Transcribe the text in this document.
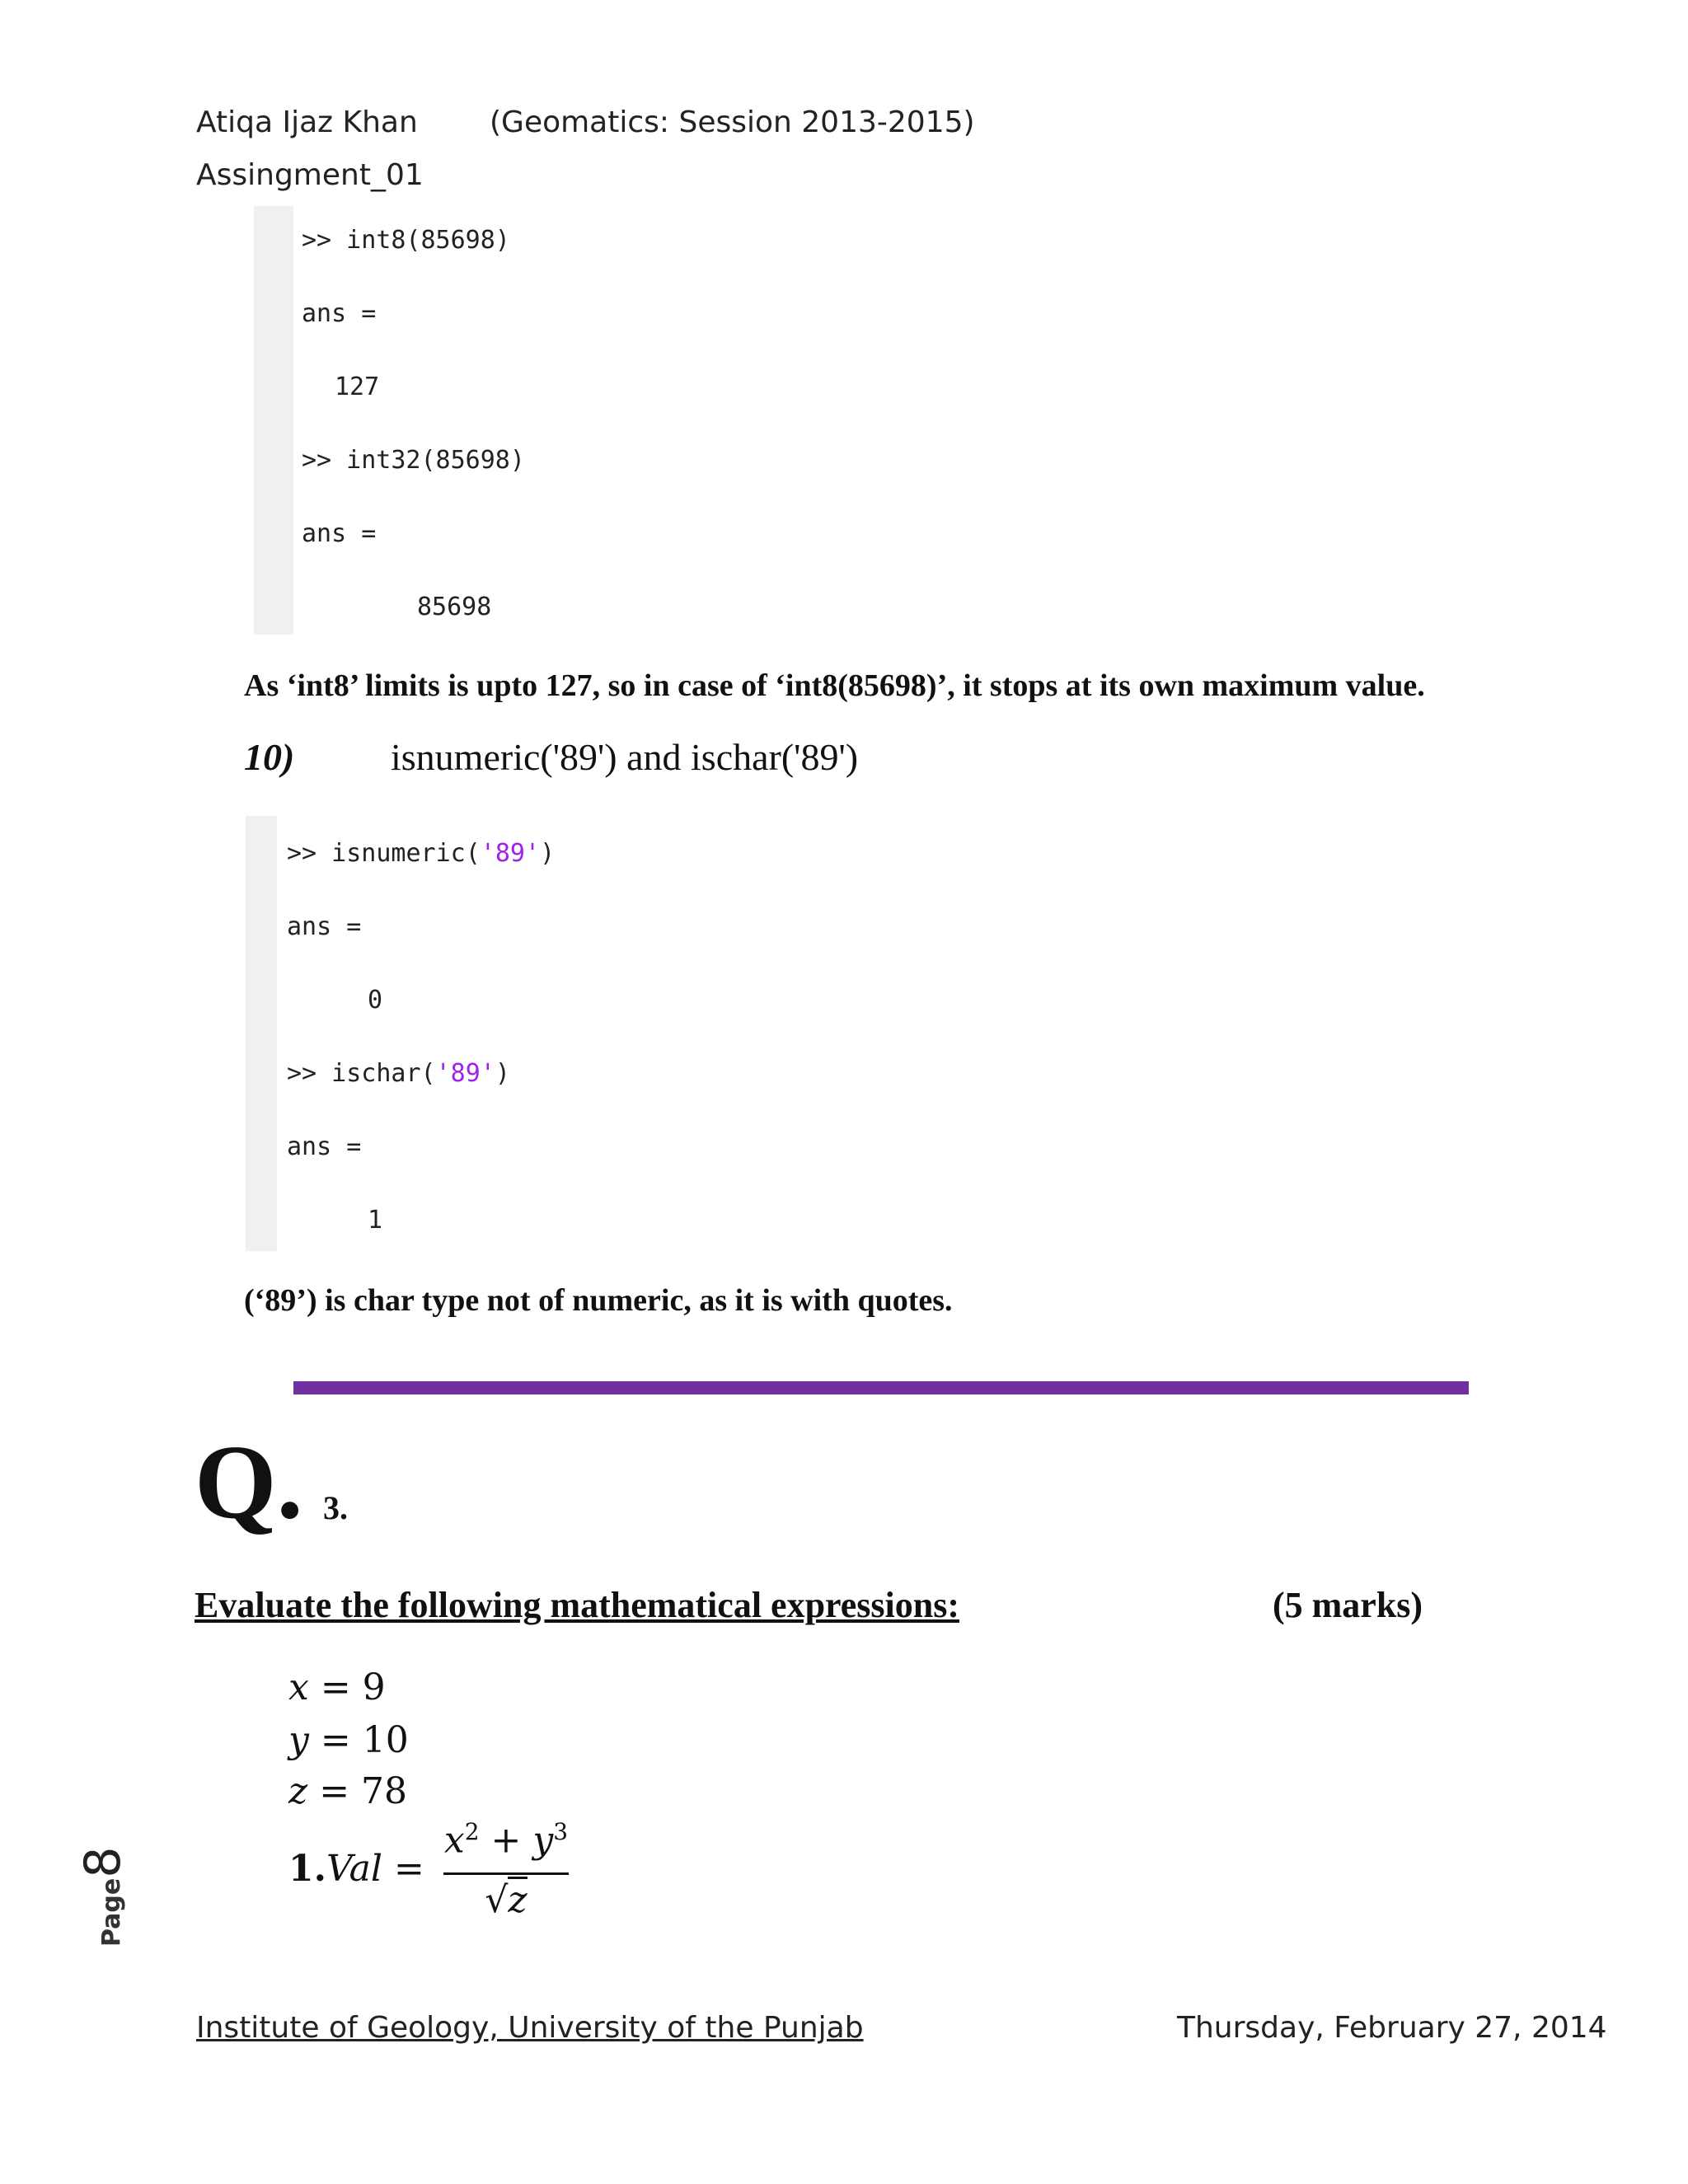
Atiqa Ijaz Khan (Geomatics: Session 2013-2015)
Assingment_01
>> int8(85698)
ans =
127
>> int32(85698)
ans =
85698
As ‘int8’ limits is upto 127, so in case of ‘int8(85698)’, it stops at its own maximum value.
10)	isnumeric('89') and ischar('89')
>> isnumeric('89')
ans =
0
>> ischar('89')
ans =
1
(‘89’) is char type not of numeric, as it is with quotes.
Q. 3.
Evaluate the following mathematical expressions:	(5 marks)
x = 9
y = 10
z = 78
1.Val =
$x^2 + y^3$
√z
Page8
Institute of Geology, University of the Punjab	Thursday, February 27, 2014
